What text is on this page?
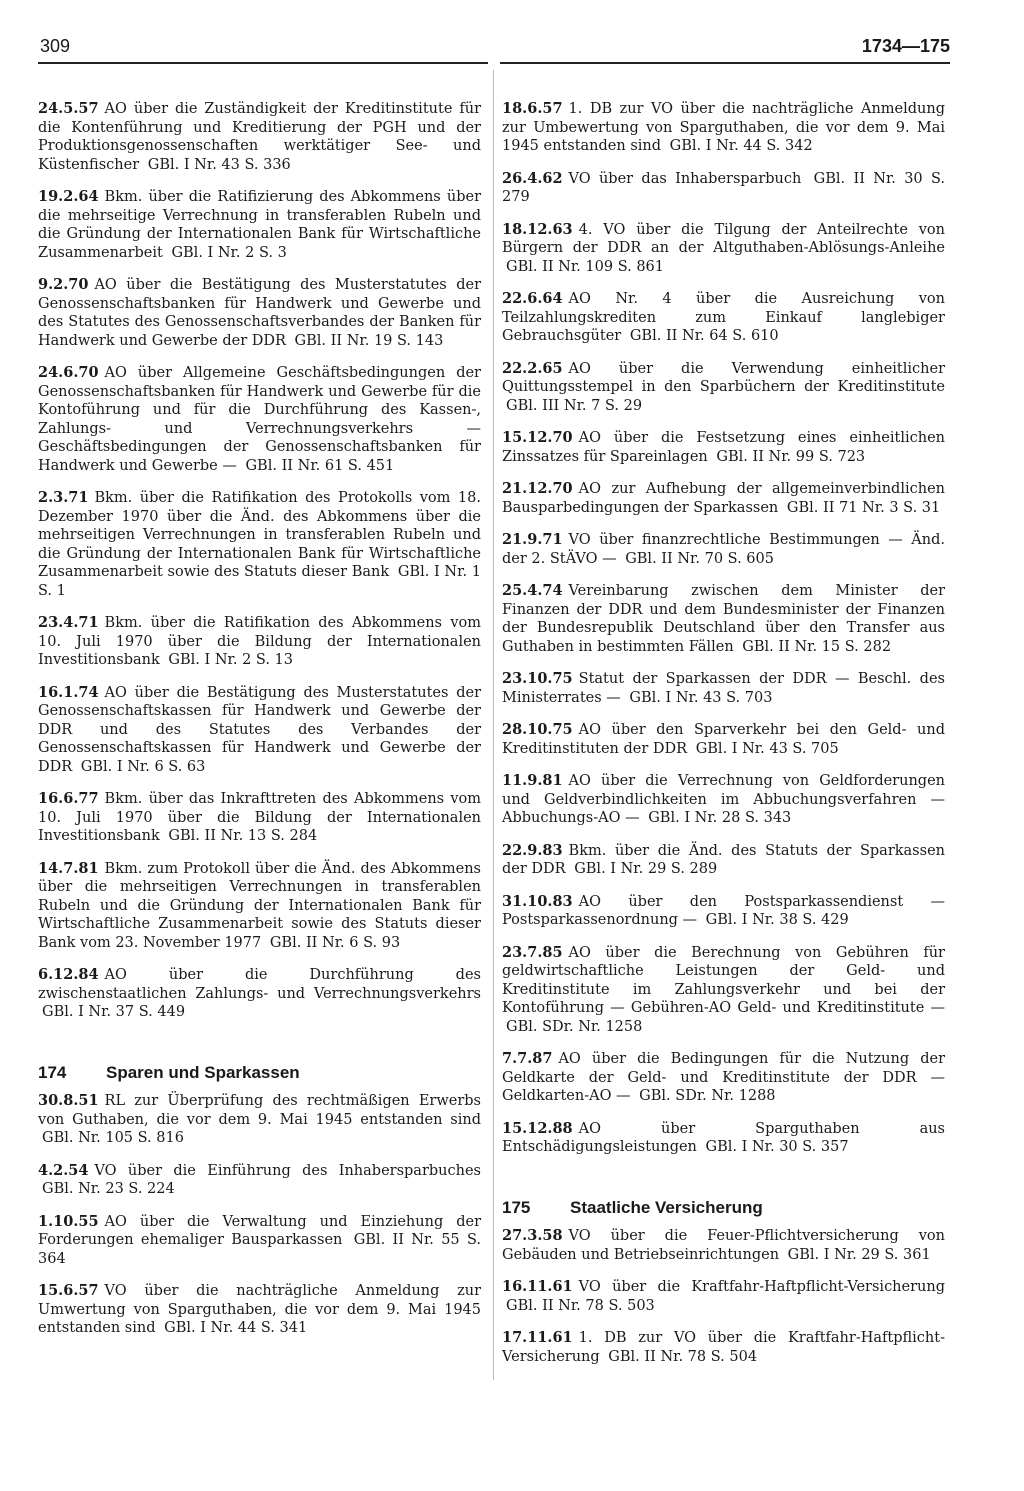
309	1734—175
24.5.57 AO über die Zuständigkeit der Kreditinstitute für die Kontenführung und Kreditierung der PGH und der Produktionsgenossenschaften werktätiger See- und Küstenfischer GBl. I Nr. 43 S. 336
19.2.64 Bkm. über die Ratifizierung des Abkommens über die mehrseitige Verrechnung in transferablen Rubeln und die Gründung der Internationalen Bank für Wirtschaftliche Zusammenarbeit GBl. I Nr. 2 S. 3
9.2.70 AO über die Bestätigung des Musterstatutes der Genossenschaftsbanken für Handwerk und Gewerbe und des Statutes des Genossenschaftsverbandes der Banken für Handwerk und Gewerbe der DDR GBl. II Nr. 19 S. 143
24.6.70 AO über Allgemeine Geschäftsbedingungen der Genossenschaftsbanken für Handwerk und Gewerbe für die Kontoführung und für die Durchführung des Kassen-, Zahlungs- und Verrechnungsverkehrs — Geschäftsbedingungen der Genossenschaftsbanken für Handwerk und Gewerbe — GBl. II Nr. 61 S. 451
2.3.71 Bkm. über die Ratifikation des Protokolls vom 18. Dezember 1970 über die Änd. des Abkommens über die mehrseitigen Verrechnungen in transferablen Rubeln und die Gründung der Internationalen Bank für Wirtschaftliche Zusammenarbeit sowie des Statuts dieser Bank GBl. I Nr. 1 S. 1
23.4.71 Bkm. über die Ratifikation des Abkommens vom 10. Juli 1970 über die Bildung der Internationalen Investitionsbank GBl. I Nr. 2 S. 13
16.1.74 AO über die Bestätigung des Musterstatutes der Genossenschaftskassen für Handwerk und Gewerbe der DDR und des Statutes des Verbandes der Genossenschaftskassen für Handwerk und Gewerbe der DDR GBl. I Nr. 6 S. 63
16.6.77 Bkm. über das Inkrafttreten des Abkommens vom 10. Juli 1970 über die Bildung der Internationalen Investitionsbank GBl. II Nr. 13 S. 284
14.7.81 Bkm. zum Protokoll über die Änd. des Abkommens über die mehrseitigen Verrechnungen in transferablen Rubeln und die Gründung der Internationalen Bank für Wirtschaftliche Zusammenarbeit sowie des Statuts dieser Bank vom 23. November 1977 GBl. II Nr. 6 S. 93
6.12.84 AO über die Durchführung des zwischenstaatlichen Zahlungs- und Verrechnungsverkehrs GBl. I Nr. 37 S. 449
174	Sparen und Sparkassen
30.8.51 RL zur Überprüfung des rechtmäßigen Erwerbs von Guthaben, die vor dem 9. Mai 1945 entstanden sind GBl. Nr. 105 S. 816
4.2.54 VO über die Einführung des Inhabersparbuches GBl. Nr. 23 S. 224
1.10.55 AO über die Verwaltung und Einziehung der Forderungen ehemaliger Bausparkassen GBl. II Nr. 55 S. 364
15.6.57 VO über die nachträgliche Anmeldung zur Umwertung von Sparguthaben, die vor dem 9. Mai 1945 entstanden sind GBl. I Nr. 44 S. 341
18.6.57 1. DB zur VO über die nachträgliche Anmeldung zur Umbewertung von Sparguthaben, die vor dem 9. Mai 1945 entstanden sind GBl. I Nr. 44 S. 342
26.4.62 VO über das Inhabersparbuch GBl. II Nr. 30 S. 279
18.12.63 4. VO über die Tilgung der Anteilrechte von Bürgern der DDR an der Altguthaben-Ablösungs-Anleihe GBl. II Nr. 109 S. 861
22.6.64 AO Nr. 4 über die Ausreichung von Teilzahlungskrediten zum Einkauf langlebiger Gebrauchsgüter GBl. II Nr. 64 S. 610
22.2.65 AO über die Verwendung einheitlicher Quittungsstempel in den Sparbüchern der Kreditinstitute GBl. III Nr. 7 S. 29
15.12.70 AO über die Festsetzung eines einheitlichen Zinssatzes für Spareinlagen GBl. II Nr. 99 S. 723
21.12.70 AO zur Aufhebung der allgemeinverbindlichen Bausparbedingungen der Sparkassen GBl. II 71 Nr. 3 S. 31
21.9.71 VO über finanzrechtliche Bestimmungen — Änd. der 2. StÄVO — GBl. II Nr. 70 S. 605
25.4.74 Vereinbarung zwischen dem Minister der Finanzen der DDR und dem Bundesminister der Finanzen der Bundesrepublik Deutschland über den Transfer aus Guthaben in bestimmten Fällen GBl. II Nr. 15 S. 282
23.10.75 Statut der Sparkassen der DDR — Beschl. des Ministerrates — GBl. I Nr. 43 S. 703
28.10.75 AO über den Sparverkehr bei den Geld- und Kreditinstituten der DDR GBl. I Nr. 43 S. 705
11.9.81 AO über die Verrechnung von Geldforderungen und Geldverbindlichkeiten im Abbuchungsverfahren — Abbuchungs-AO — GBl. I Nr. 28 S. 343
22.9.83 Bkm. über die Änd. des Statuts der Sparkassen der DDR GBl. I Nr. 29 S. 289
31.10.83 AO über den Postsparkassendienst — Postsparkassenordnung — GBl. I Nr. 38 S. 429
23.7.85 AO über die Berechnung von Gebühren für geldwirtschaftliche Leistungen der Geld- und Kreditinstitute im Zahlungsverkehr und bei der Kontoführung — Gebühren-AO Geld- und Kreditinstitute — GBl. SDr. Nr. 1258
7.7.87 AO über die Bedingungen für die Nutzung der Geldkarte der Geld- und Kreditinstitute der DDR — Geldkarten-AO — GBl. SDr. Nr. 1288
15.12.88 AO über Sparguthaben aus Entschädigungsleistungen GBl. I Nr. 30 S. 357
175	Staatliche Versicherung
27.3.58 VO über die Feuer-Pflichtversicherung von Gebäuden und Betriebseinrichtungen GBl. I Nr. 29 S. 361
16.11.61 VO über die Kraftfahr-Haftpflicht-Versicherung GBl. II Nr. 78 S. 503
17.11.61 1. DB zur VO über die Kraftfahr-Haftpflicht-Versicherung GBl. II Nr. 78 S. 504
